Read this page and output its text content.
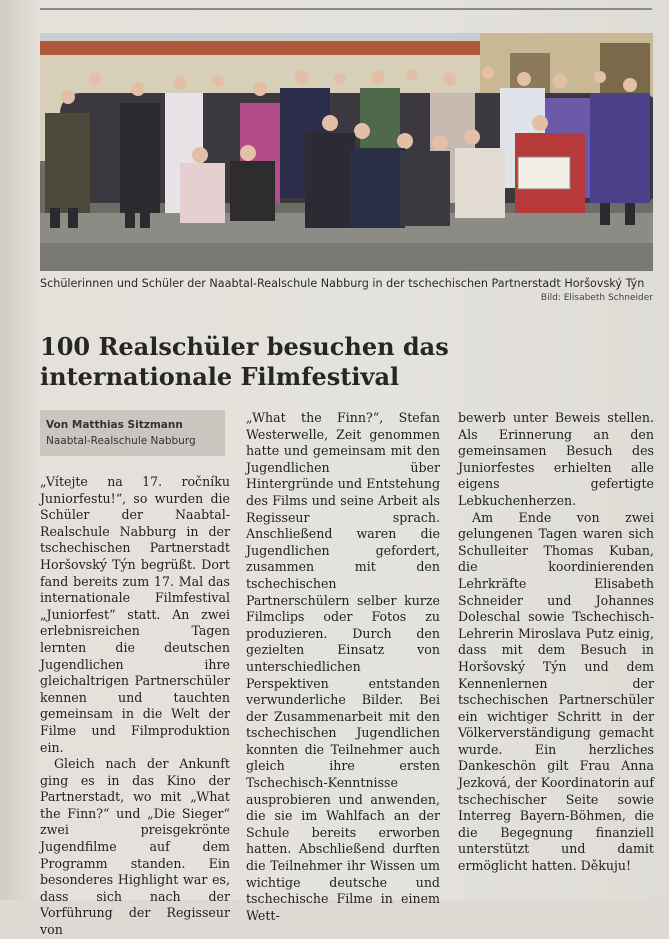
Schülerinnen und Schüler der Naabtal-Realschule Nabburg in der tschechischen Partnerstadt Horšovský Týn
Bild: Elisabeth Schneider
100 Realschüler besuchen das internationale Filmfestival
Von Matthias Sitzmann
Naabtal-Realschule Nabburg

„Vítejte na 17. ročníku Juniorfestu!“, so wurden die Schüler der Naabtal-Realschule Nabburg in der tschechischen Partnerstadt Horšovský Týn begrüßt. Dort fand bereits zum 17. Mal das internationale Filmfestival „Juniorfest“ statt. An zwei erlebnisreichen Tagen lernten die deutschen Jugendlichen ihre gleichaltrigen Partnerschüler kennen und tauchten gemeinsam in die Welt der Filme und Filmproduktion ein.

Gleich nach der Ankunft ging es in das Kino der Partnerstadt, wo mit „What the Finn?“ und „Die Sieger“ zwei preisgekrönte Jugendfilme auf dem Programm standen. Ein besonderes Highlight war es, dass sich nach der Vorführung der Regisseur von

„What the Finn?“, Stefan Westerwelle, Zeit genommen hatte und gemeinsam mit den Jugendlichen über Hintergründe und Entstehung des Films und seine Arbeit als Regisseur sprach. Anschließend waren die Jugendlichen gefordert, zusammen mit den tschechischen Partnerschülern selber kurze Filmclips oder Fotos zu produzieren. Durch den gezielten Einsatz von unterschiedlichen Perspektiven entstanden verwunderliche Bilder. Bei der Zusammenarbeit mit den tschechischen Jugendlichen konnten die Teilnehmer auch gleich ihre ersten Tschechisch-Kenntnisse ausprobieren und anwenden, die sie im Wahlfach an der Schule bereits erworben hatten. Abschließend durften die Teilnehmer ihr Wissen um wichtige deutsche und tschechische Filme in einem Wett-

bewerb unter Beweis stellen. Als Erinnerung an den gemeinsamen Besuch des Juniorfestes erhielten alle eigens gefertigte Lebkuchenherzen.

Am Ende von zwei gelungenen Tagen waren sich Schulleiter Thomas Kuban, die koordinierenden Lehrkräfte Elisabeth Schneider und Johannes Doleschal sowie Tschechisch-Lehrerin Miroslava Putz einig, dass mit dem Besuch in Horšovský Týn und dem Kennenlernen der tschechischen Partnerschüler ein wichtiger Schritt in der Völkerverständigung gemacht wurde. Ein herzliches Dankeschön gilt Frau Anna Jezková, der Koordinatorin auf tschechischer Seite sowie Interreg Bayern-Böhmen, die die Begegnung finanziell unterstützt und damit ermöglicht hatten. Děkuju!
